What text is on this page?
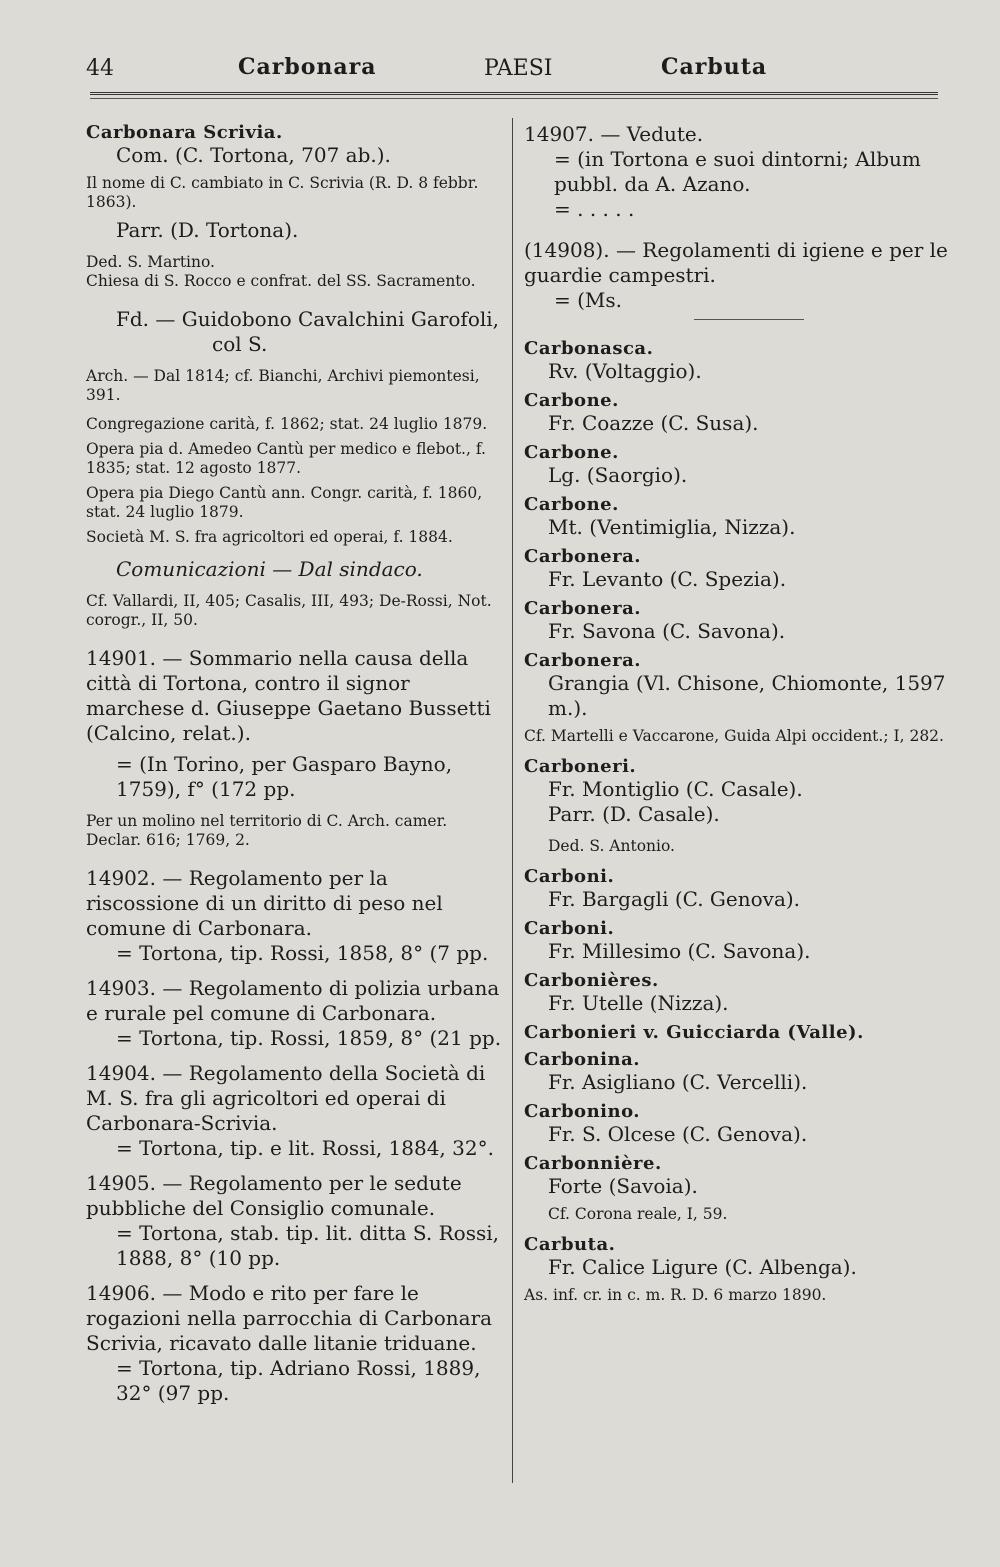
44	Carbonara	PAESI	Carbuta
Carbonara Scrivia.
Com. (C. Tortona, 707 ab.).
Il nome di C. cambiato in C. Scrivia (R. D. 8 febbr. 1863).
Parr. (D. Tortona).
Ded. S. Martino.
Chiesa di S. Rocco e confrat. del SS. Sacramento.
Fd. — Guidobono Cavalchini Garofoli,
col S.
Arch. — Dal 1814; cf. Bianchi, Archivi piemontesi, 391.
Congregazione carità, f. 1862; stat. 24 luglio 1879.
Opera pia d. Amedeo Cantù per medico e flebot., f. 1835; stat. 12 agosto 1877.
Opera pia Diego Cantù ann. Congr. carità, f. 1860, stat. 24 luglio 1879.
Società M. S. fra agricoltori ed operai, f. 1884.
Comunicazioni — Dal sindaco.
Cf. Vallardi, II, 405; Casalis, III, 493; De-Rossi, Not. corogr., II, 50.
14901. — Sommario nella causa della città di Tortona, contro il signor marchese d. Giuseppe Gaetano Bussetti (Calcino, relat.).
= (In Torino, per Gasparo Bayno, 1759), f° (172 pp.
Per un molino nel territorio di C. Arch. camer. Declar. 616; 1769, 2.
14902. — Regolamento per la riscossione di un diritto di peso nel comune di Carbonara.
= Tortona, tip. Rossi, 1858, 8° (7 pp.
14903. — Regolamento di polizia urbana e rurale pel comune di Carbonara.
= Tortona, tip. Rossi, 1859, 8° (21 pp.
14904. — Regolamento della Società di M. S. fra gli agricoltori ed operai di Carbonara-Scrivia.
= Tortona, tip. e lit. Rossi, 1884, 32°.
14905. — Regolamento per le sedute pubbliche del Consiglio comunale.
= Tortona, stab. tip. lit. ditta S. Rossi, 1888, 8° (10 pp.
14906. — Modo e rito per fare le rogazioni nella parrocchia di Carbonara Scrivia, ricavato dalle litanie triduane.
= Tortona, tip. Adriano Rossi, 1889, 32° (97 pp.
14907. — Vedute.
= (in Tortona e suoi dintorni; Album pubbl. da A. Azano.
= . . . . .
(14908). — Regolamenti di igiene e per le guardie campestri.
= (Ms.
Carbonasca.
Rv. (Voltaggio).
Carbone.
Fr. Coazze (C. Susa).
Carbone.
Lg. (Saorgio).
Carbone.
Mt. (Ventimiglia, Nizza).
Carbonera.
Fr. Levanto (C. Spezia).
Carbonera.
Fr. Savona (C. Savona).
Carbonera.
Grangia (Vl. Chisone, Chiomonte, 1597 m.).
Cf. Martelli e Vaccarone, Guida Alpi occident.; I, 282.
Carboneri.
Fr. Montiglio (C. Casale).
Parr. (D. Casale).
Ded. S. Antonio.
Carboni.
Fr. Bargagli (C. Genova).
Carboni.
Fr. Millesimo (C. Savona).
Carbonières.
Fr. Utelle (Nizza).
Carbonieri v. Guicciarda (Valle).
Carbonina.
Fr. Asigliano (C. Vercelli).
Carbonino.
Fr. S. Olcese (C. Genova).
Carbonnière.
Forte (Savoia).
Cf. Corona reale, I, 59.
Carbuta.
Fr. Calice Ligure (C. Albenga).
As. inf. cr. in c. m. R. D. 6 marzo 1890.
